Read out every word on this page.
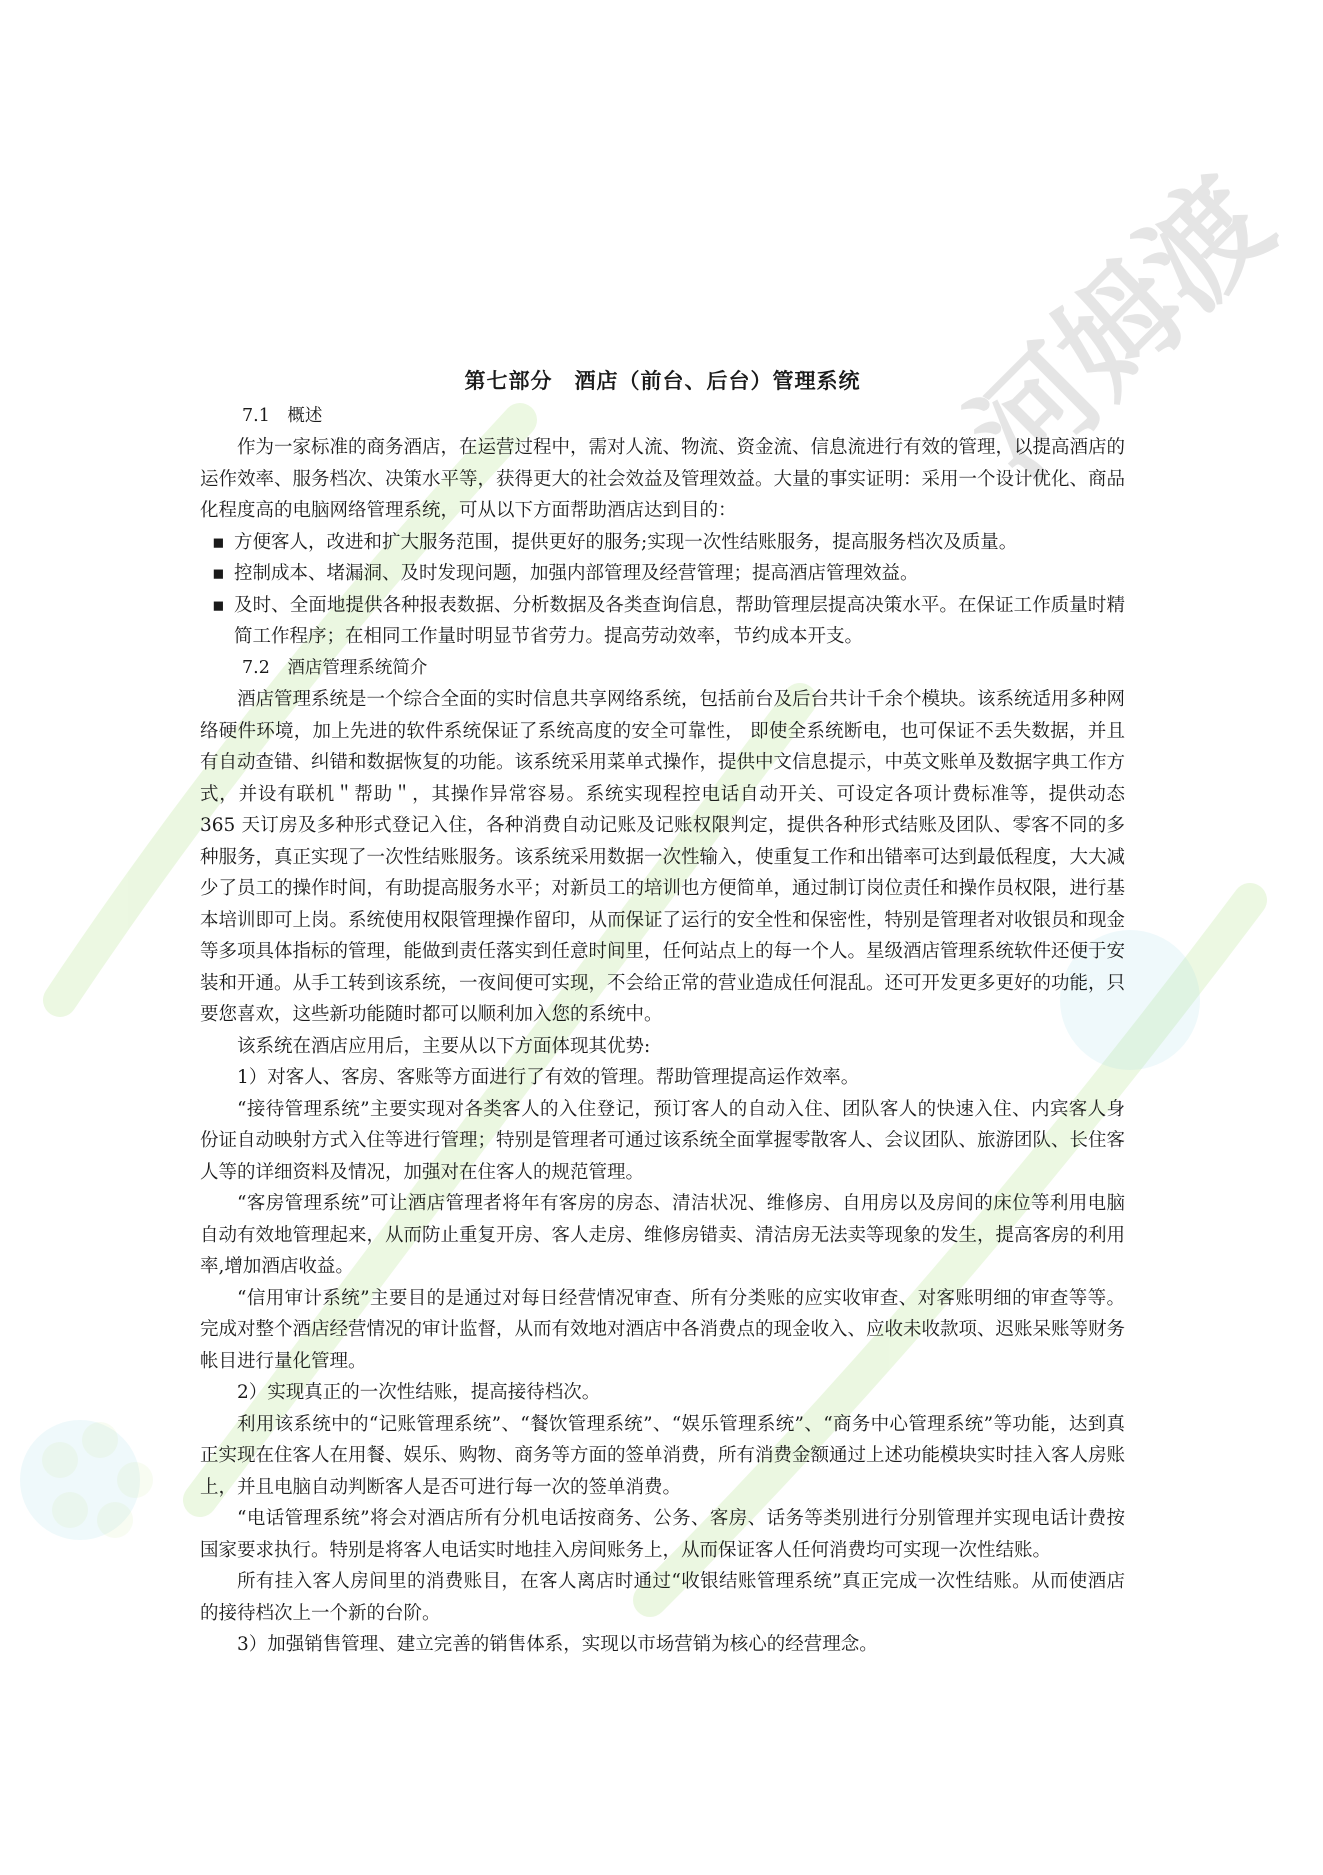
河姆渡
第七部分　酒店（前台、后台）管理系统

7.1　概述

作为一家标准的商务酒店，在运营过程中，需对人流、物流、资金流、信息流进行有效的管理，以提高酒店的运作效率、服务档次、决策水平等，获得更大的社会效益及管理效益。大量的事实证明：采用一个设计优化、商品化程度高的电脑网络管理系统，可从以下方面帮助酒店达到目的：

▪ 方便客人，改进和扩大服务范围，提供更好的服务;实现一次性结账服务，提高服务档次及质量。

▪ 控制成本、堵漏洞、及时发现问题，加强内部管理及经营管理；提高酒店管理效益。

▪ 及时、全面地提供各种报表数据、分析数据及各类查询信息，帮助管理层提高决策水平。在保证工作质量时精简工作程序；在相同工作量时明显节省劳力。提高劳动效率，节约成本开支。

7.2　酒店管理系统简介

酒店管理系统是一个综合全面的实时信息共享网络系统，包括前台及后台共计千余个模块。该系统适用多种网络硬件环境，加上先进的软件系统保证了系统高度的安全可靠性， 即使全系统断电，也可保证不丢失数据，并且有自动查错、纠错和数据恢复的功能。该系统采用菜单式操作，提供中文信息提示，中英文账单及数据字典工作方式，并设有联机＂帮助＂，其操作异常容易。系统实现程控电话自动开关、可设定各项计费标准等，提供动态 365 天订房及多种形式登记入住，各种消费自动记账及记账权限判定，提供各种形式结账及团队、零客不同的多种服务，真正实现了一次性结账服务。该系统采用数据一次性输入，使重复工作和出错率可达到最低程度，大大减少了员工的操作时间，有助提高服务水平；对新员工的培训也方便简单，通过制订岗位责任和操作员权限，进行基本培训即可上岗。系统使用权限管理操作留印，从而保证了运行的安全性和保密性，特别是管理者对收银员和现金等多项具体指标的管理，能做到责任落实到任意时间里，任何站点上的每一个人。星级酒店管理系统软件还便于安装和开通。从手工转到该系统，一夜间便可实现，不会给正常的营业造成任何混乱。还可开发更多更好的功能，只要您喜欢，这些新功能随时都可以顺利加入您的系统中。

该系统在酒店应用后，主要从以下方面体现其优势:

1）对客人、客房、客账等方面进行了有效的管理。帮助管理提高运作效率。

“接待管理系统”主要实现对各类客人的入住登记，预订客人的自动入住、团队客人的快速入住、内宾客人身份证自动映射方式入住等进行管理；特别是管理者可通过该系统全面掌握零散客人、会议团队、旅游团队、长住客人等的详细资料及情况，加强对在住客人的规范管理。

“客房管理系统”可让酒店管理者将年有客房的房态、清洁状况、维修房、自用房以及房间的床位等利用电脑自动有效地管理起来，从而防止重复开房、客人走房、维修房错卖、清洁房无法卖等现象的发生，提高客房的利用率,增加酒店收益。

“信用审计系统”主要目的是通过对每日经营情况审查、所有分类账的应实收审查、对客账明细的审查等等。完成对整个酒店经营情况的审计监督，从而有效地对酒店中各消费点的现金收入、应收未收款项、迟账呆账等财务帐目进行量化管理。

2）实现真正的一次性结账，提高接待档次。

利用该系统中的“记账管理系统”、“餐饮管理系统”、“娱乐管理系统”、“商务中心管理系统”等功能，达到真正实现在住客人在用餐、娱乐、购物、商务等方面的签单消费，所有消费金额通过上述功能模块实时挂入客人房账上，并且电脑自动判断客人是否可进行每一次的签单消费。

“电话管理系统”将会对酒店所有分机电话按商务、公务、客房、话务等类别进行分别管理并实现电话计费按国家要求执行。特别是将客人电话实时地挂入房间账务上，从而保证客人任何消费均可实现一次性结账。

所有挂入客人房间里的消费账目，在客人离店时通过“收银结账管理系统”真正完成一次性结账。从而使酒店的接待档次上一个新的台阶。

3）加强销售管理、建立完善的销售体系，实现以市场营销为核心的经营理念。
